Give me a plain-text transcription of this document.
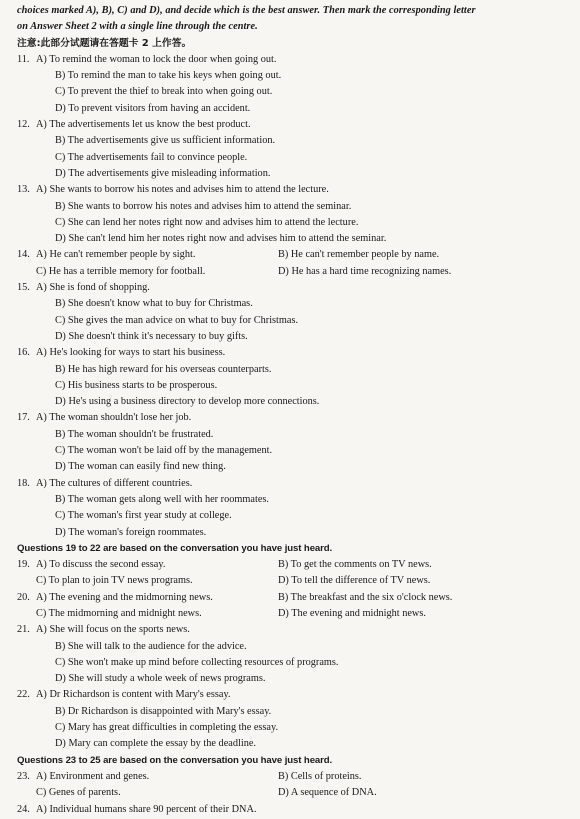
choices marked A), B), C) and D), and decide which is the best answer. Then mark the corresponding letter
on Answer Sheet 2 with a single line through the centre.
注意:此部分试题请在答题卡 2 上作答。
11. A) To remind the woman to lock the door when going out.
B) To remind the man to take his keys when going out.
C) To prevent the thief to break into when going out.
D) To prevent visitors from having an accident.
12. A) The advertisements let us know the best product.
B) The advertisements give us sufficient information.
C) The advertisements fail to convince people.
D) The advertisements give misleading information.
13. A) She wants to borrow his notes and advises him to attend the lecture.
B) She wants to borrow his notes and advises him to attend the seminar.
C) She can lend her notes right now and advises him to attend the lecture.
D) She can't lend him her notes right now and advises him to attend the seminar.
14. A) He can't remember people by sight.	B) He can't remember people by name.
C) He has a terrible memory for football.	D) He has a hard time recognizing names.
15. A) She is fond of shopping.
B) She doesn't know what to buy for Christmas.
C) She gives the man advice on what to buy for Christmas.
D) She doesn't think it's necessary to buy gifts.
16. A) He's looking for ways to start his business.
B) He has high reward for his overseas counterparts.
C) His business starts to be prosperous.
D) He's using a business directory to develop more connections.
17. A) The woman shouldn't lose her job.
B) The woman shouldn't be frustrated.
C) The woman won't be laid off by the management.
D) The woman can easily find new thing.
18. A) The cultures of different countries.
B) The woman gets along well with her roommates.
C) The woman's first year study at college.
D) The woman's foreign roommates.
Questions 19 to 22 are based on the conversation you have just heard.
19. A) To discuss the second essay.	B) To get the comments on TV news.
C) To plan to join TV news programs.	D) To tell the difference of TV news.
20. A) The evening and the midmorning news.	B) The breakfast and the six o'clock news.
C) The midmorning and midnight news.	D) The evening and midnight news.
21. A) She will focus on the sports news.
B) She will talk to the audience for the advice.
C) She won't make up mind before collecting resources of programs.
D) She will study a whole week of news programs.
22. A) Dr Richardson is content with Mary's essay.
B) Dr Richardson is disappointed with Mary's essay.
C) Mary has great difficulties in completing the essay.
D) Mary can complete the essay by the deadline.
Questions 23 to 25 are based on the conversation you have just heard.
23. A) Environment and genes.	B) Cells of proteins.
C) Genes of parents.	D) A sequence of DNA.
24. A) Individual humans share 90 percent of their DNA.
